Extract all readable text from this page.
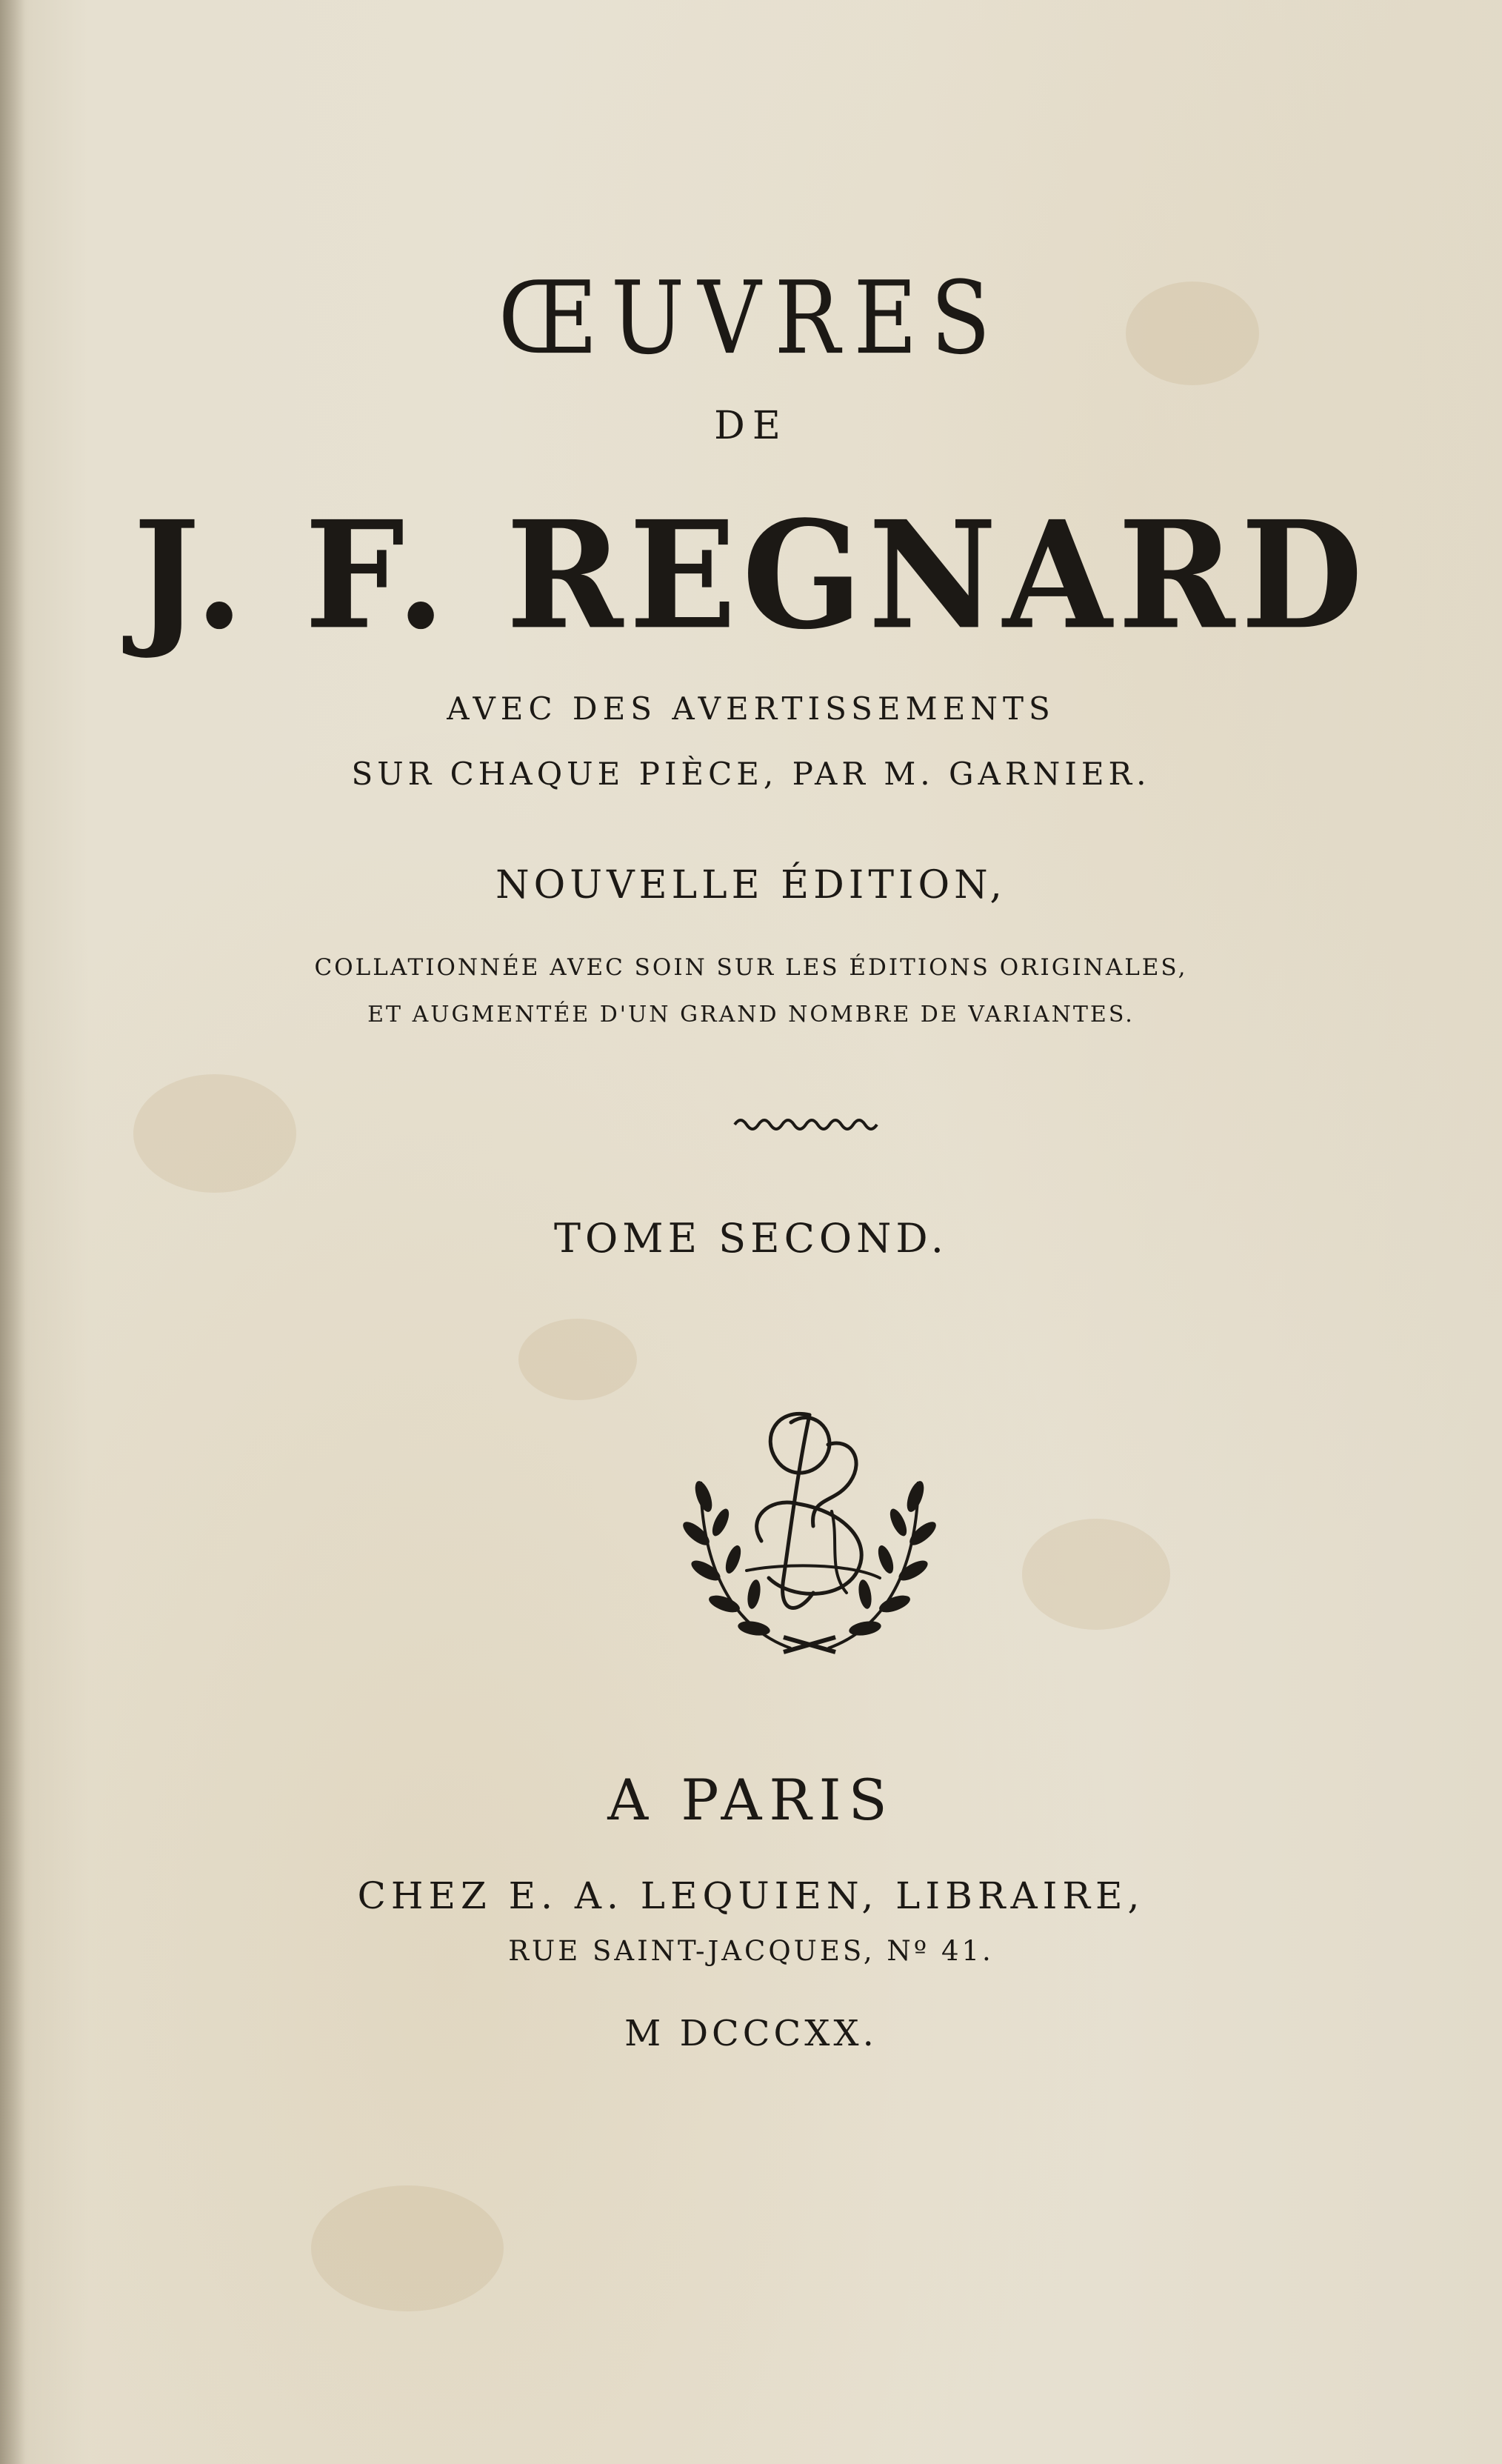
ŒUVRES
DE
J. F. REGNARD
AVEC DES AVERTISSEMENTS
SUR CHAQUE PIÈCE, PAR M. GARNIER.
NOUVELLE ÉDITION,
COLLATIONNÉE AVEC SOIN SUR LES ÉDITIONS ORIGINALES,
ET AUGMENTÉE D'UN GRAND NOMBRE DE VARIANTES.
TOME SECOND.
A PARIS
CHEZ E. A. LEQUIEN, LIBRAIRE,
RUE SAINT-JACQUES, Nº 41.
M DCCCXX.
